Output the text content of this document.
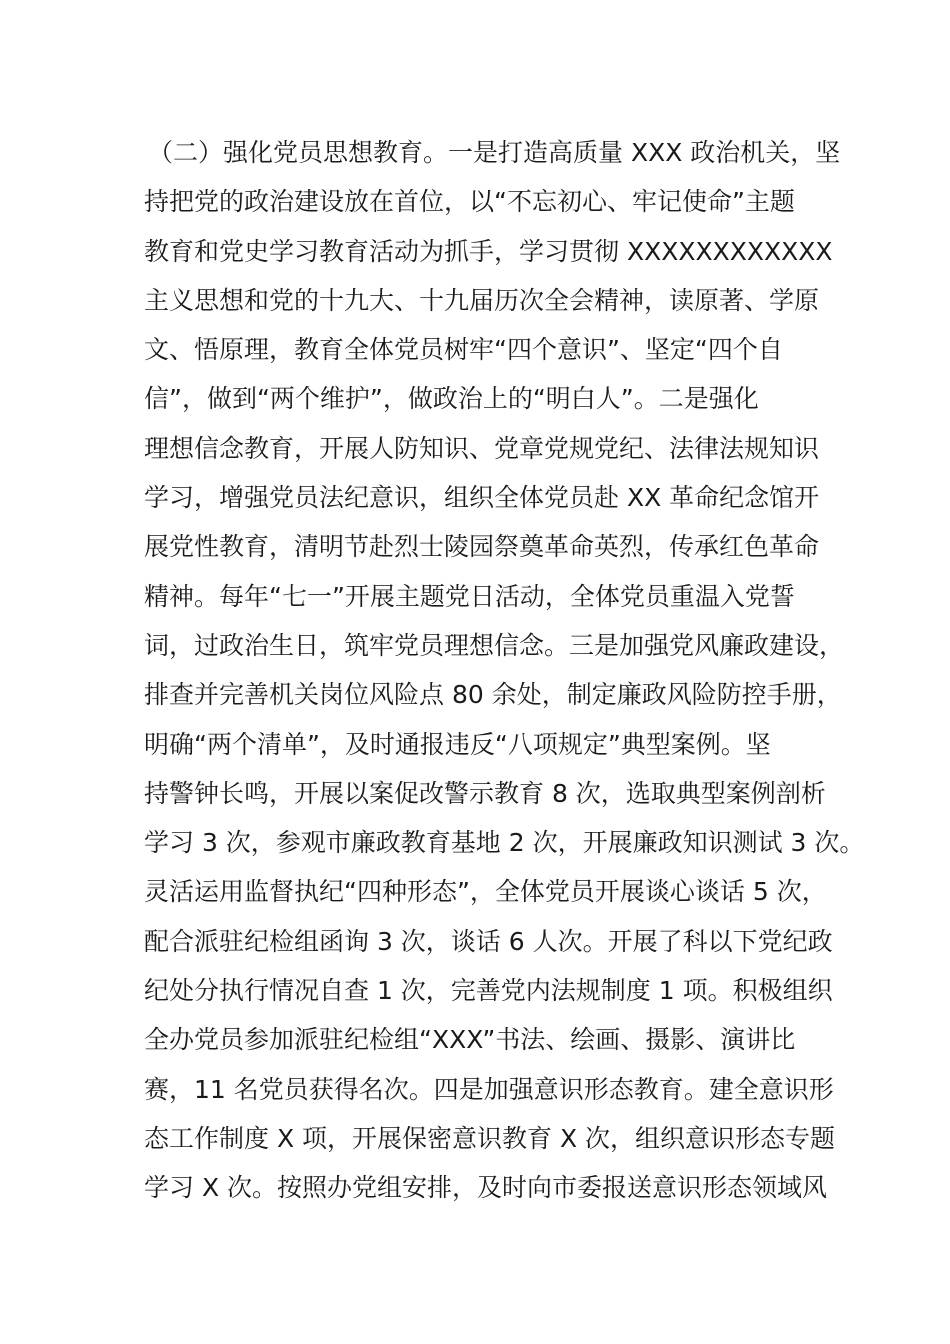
（二）强化党员思想教育。一是打造高质量 XXX 政治机关，坚
持把党的政治建设放在首位，以“不忘初心、牢记使命”主题
教育和党史学习教育活动为抓手，学习贯彻 XXXXXXXXXXXX
主义思想和党的十九大、十九届历次全会精神，读原著、学原
文、悟原理，教育全体党员树牢“四个意识”、坚定“四个自
信”，做到“两个维护”，做政治上的“明白人”。二是强化
理想信念教育，开展人防知识、党章党规党纪、法律法规知识
学习，增强党员法纪意识，组织全体党员赴 XX 革命纪念馆开
展党性教育，清明节赴烈士陵园祭奠革命英烈，传承红色革命
精神。每年“七一”开展主题党日活动，全体党员重温入党誓
词，过政治生日，筑牢党员理想信念。三是加强党风廉政建设，
排查并完善机关岗位风险点 80 余处，制定廉政风险防控手册，
明确“两个清单”，及时通报违反“八项规定”典型案例。坚
持警钟长鸣，开展以案促改警示教育 8 次，选取典型案例剖析
学习 3 次，参观市廉政教育基地 2 次，开展廉政知识测试 3 次。
灵活运用监督执纪“四种形态”，全体党员开展谈心谈话 5 次，
配合派驻纪检组函询 3 次，谈话 6 人次。开展了科以下党纪政
纪处分执行情况自查 1 次，完善党内法规制度 1 项。积极组织
全办党员参加派驻纪检组“XXX”书法、绘画、摄影、演讲比
赛，11 名党员获得名次。四是加强意识形态教育。建全意识形
态工作制度 X 项，开展保密意识教育 X 次，组织意识形态专题
学习 X 次。按照办党组安排，及时向市委报送意识形态领域风
